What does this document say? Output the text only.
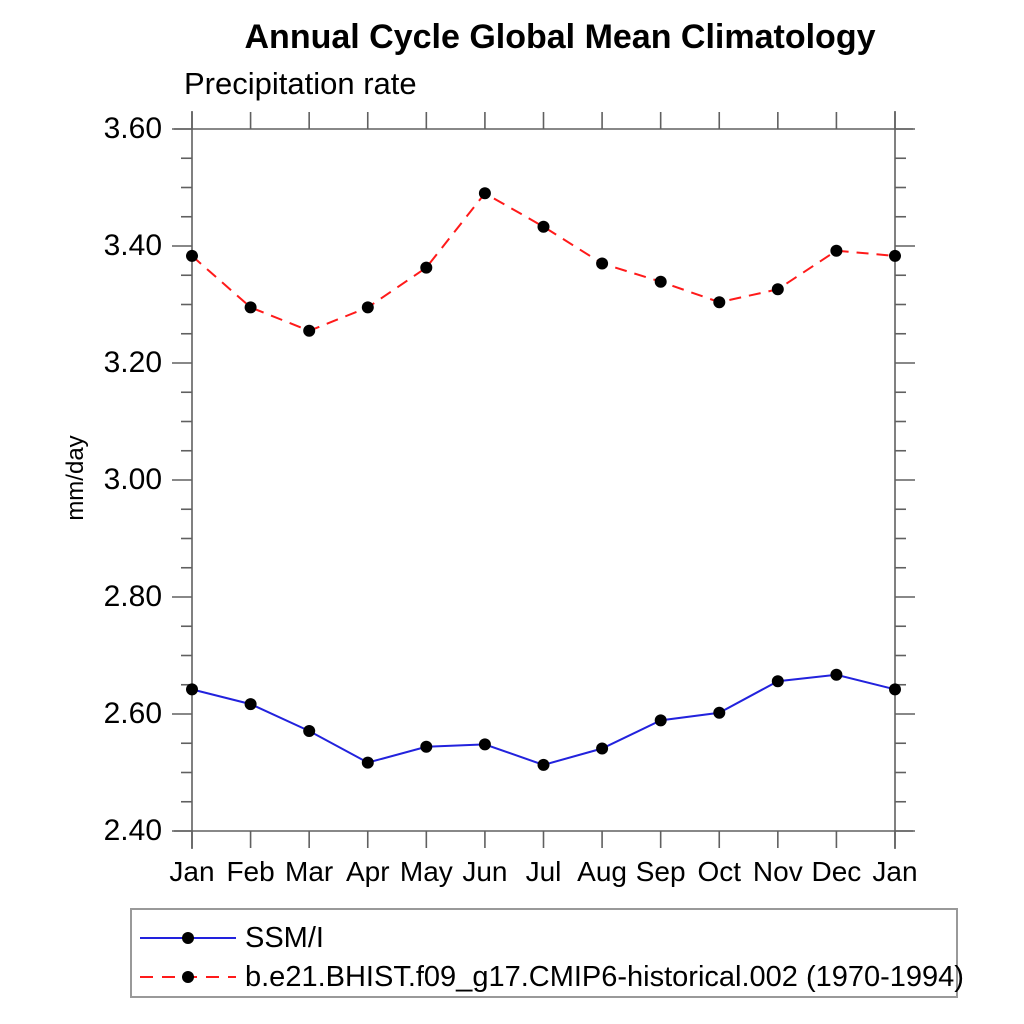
Annual Cycle Global Mean Climatology
Precipitation rate
mm/day
2.40
2.60
2.80
3.00
3.20
3.40
3.60
Jan Feb Mar Apr May Jun Jul Aug Sep Oct Nov Dec Jan
SSM/I
b.e21.BHIST.f09_g17.CMIP6-historical.002 (1970-1994)
